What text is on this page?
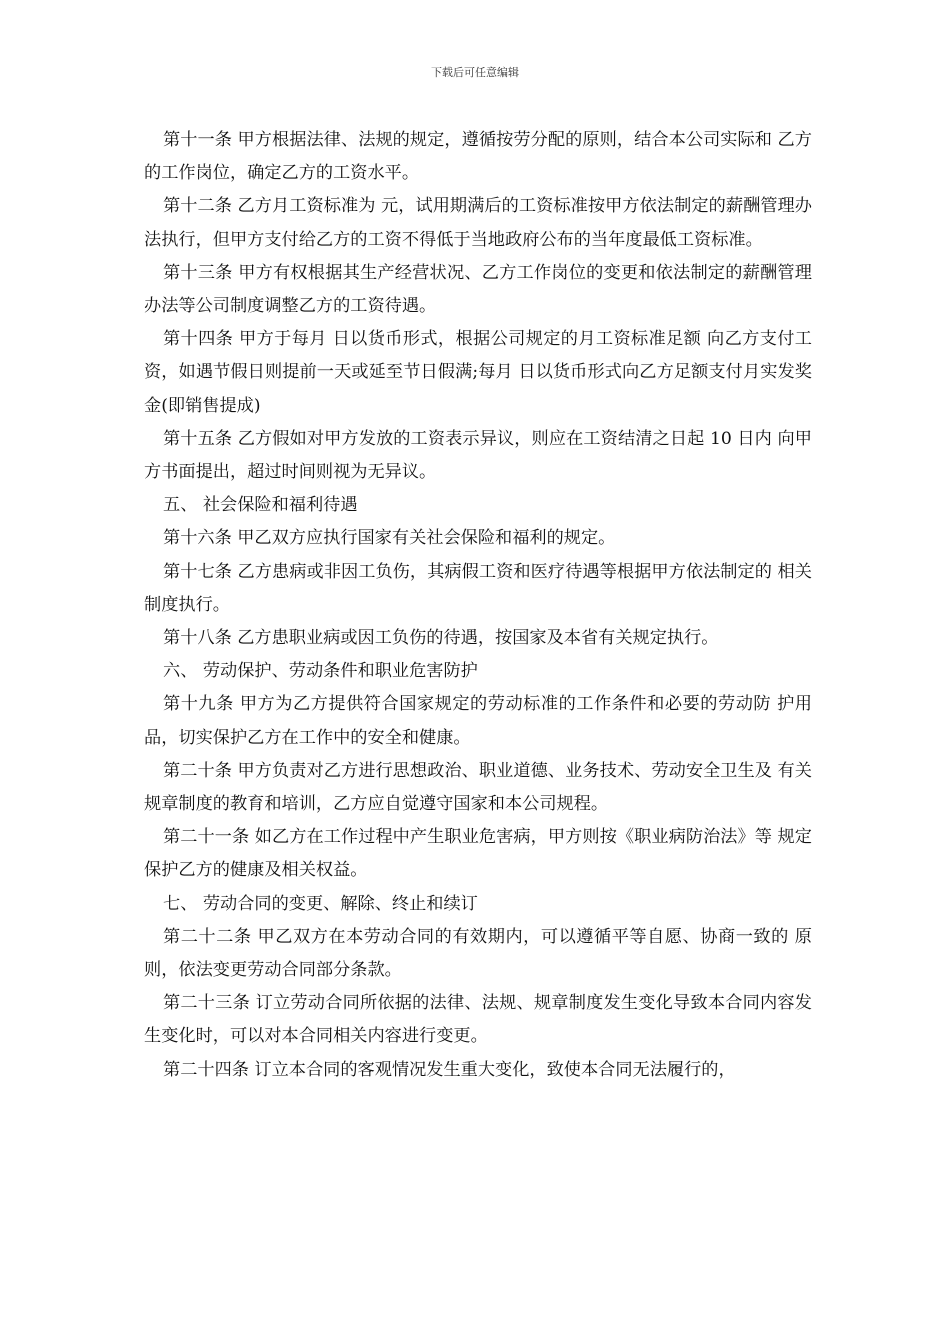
下载后可任意编辑

第十一条 甲方根据法律、法规的规定，遵循按劳分配的原则，结合本公司实际和 乙方的工作岗位，确定乙方的工资水平。

第十二条 乙方月工资标准为 元，试用期满后的工资标准按甲方依法制定的薪酬管理办法执行，但甲方支付给乙方的工资不得低于当地政府公布的当年度最低工资标准。

第十三条 甲方有权根据其生产经营状况、乙方工作岗位的变更和依法制定的薪酬管理办法等公司制度调整乙方的工资待遇。

第十四条 甲方于每月 日以货币形式，根据公司规定的月工资标准足额 向乙方支付工资，如遇节假日则提前一天或延至节日假满;每月 日以货币形式向乙方足额支付月实发奖金(即销售提成)

第十五条 乙方假如对甲方发放的工资表示异议，则应在工资结清之日起 10 日内 向甲方书面提出，超过时间则视为无异议。

五、 社会保险和福利待遇

第十六条 甲乙双方应执行国家有关社会保险和福利的规定。

第十七条 乙方患病或非因工负伤，其病假工资和医疗待遇等根据甲方依法制定的 相关制度执行。

第十八条 乙方患职业病或因工负伤的待遇，按国家及本省有关规定执行。

六、 劳动保护、劳动条件和职业危害防护

第十九条 甲方为乙方提供符合国家规定的劳动标准的工作条件和必要的劳动防 护用品，切实保护乙方在工作中的安全和健康。

第二十条 甲方负责对乙方进行思想政治、职业道德、业务技术、劳动安全卫生及 有关规章制度的教育和培训，乙方应自觉遵守国家和本公司规程。

第二十一条 如乙方在工作过程中产生职业危害病，甲方则按《职业病防治法》等 规定保护乙方的健康及相关权益。

七、 劳动合同的变更、解除、终止和续订

第二十二条 甲乙双方在本劳动合同的有效期内，可以遵循平等自愿、协商一致的 原则，依法变更劳动合同部分条款。

第二十三条 订立劳动合同所依据的法律、法规、规章制度发生变化导致本合同内容发生变化时，可以对本合同相关内容进行变更。

第二十四条 订立本合同的客观情况发生重大变化，致使本合同无法履行的，
